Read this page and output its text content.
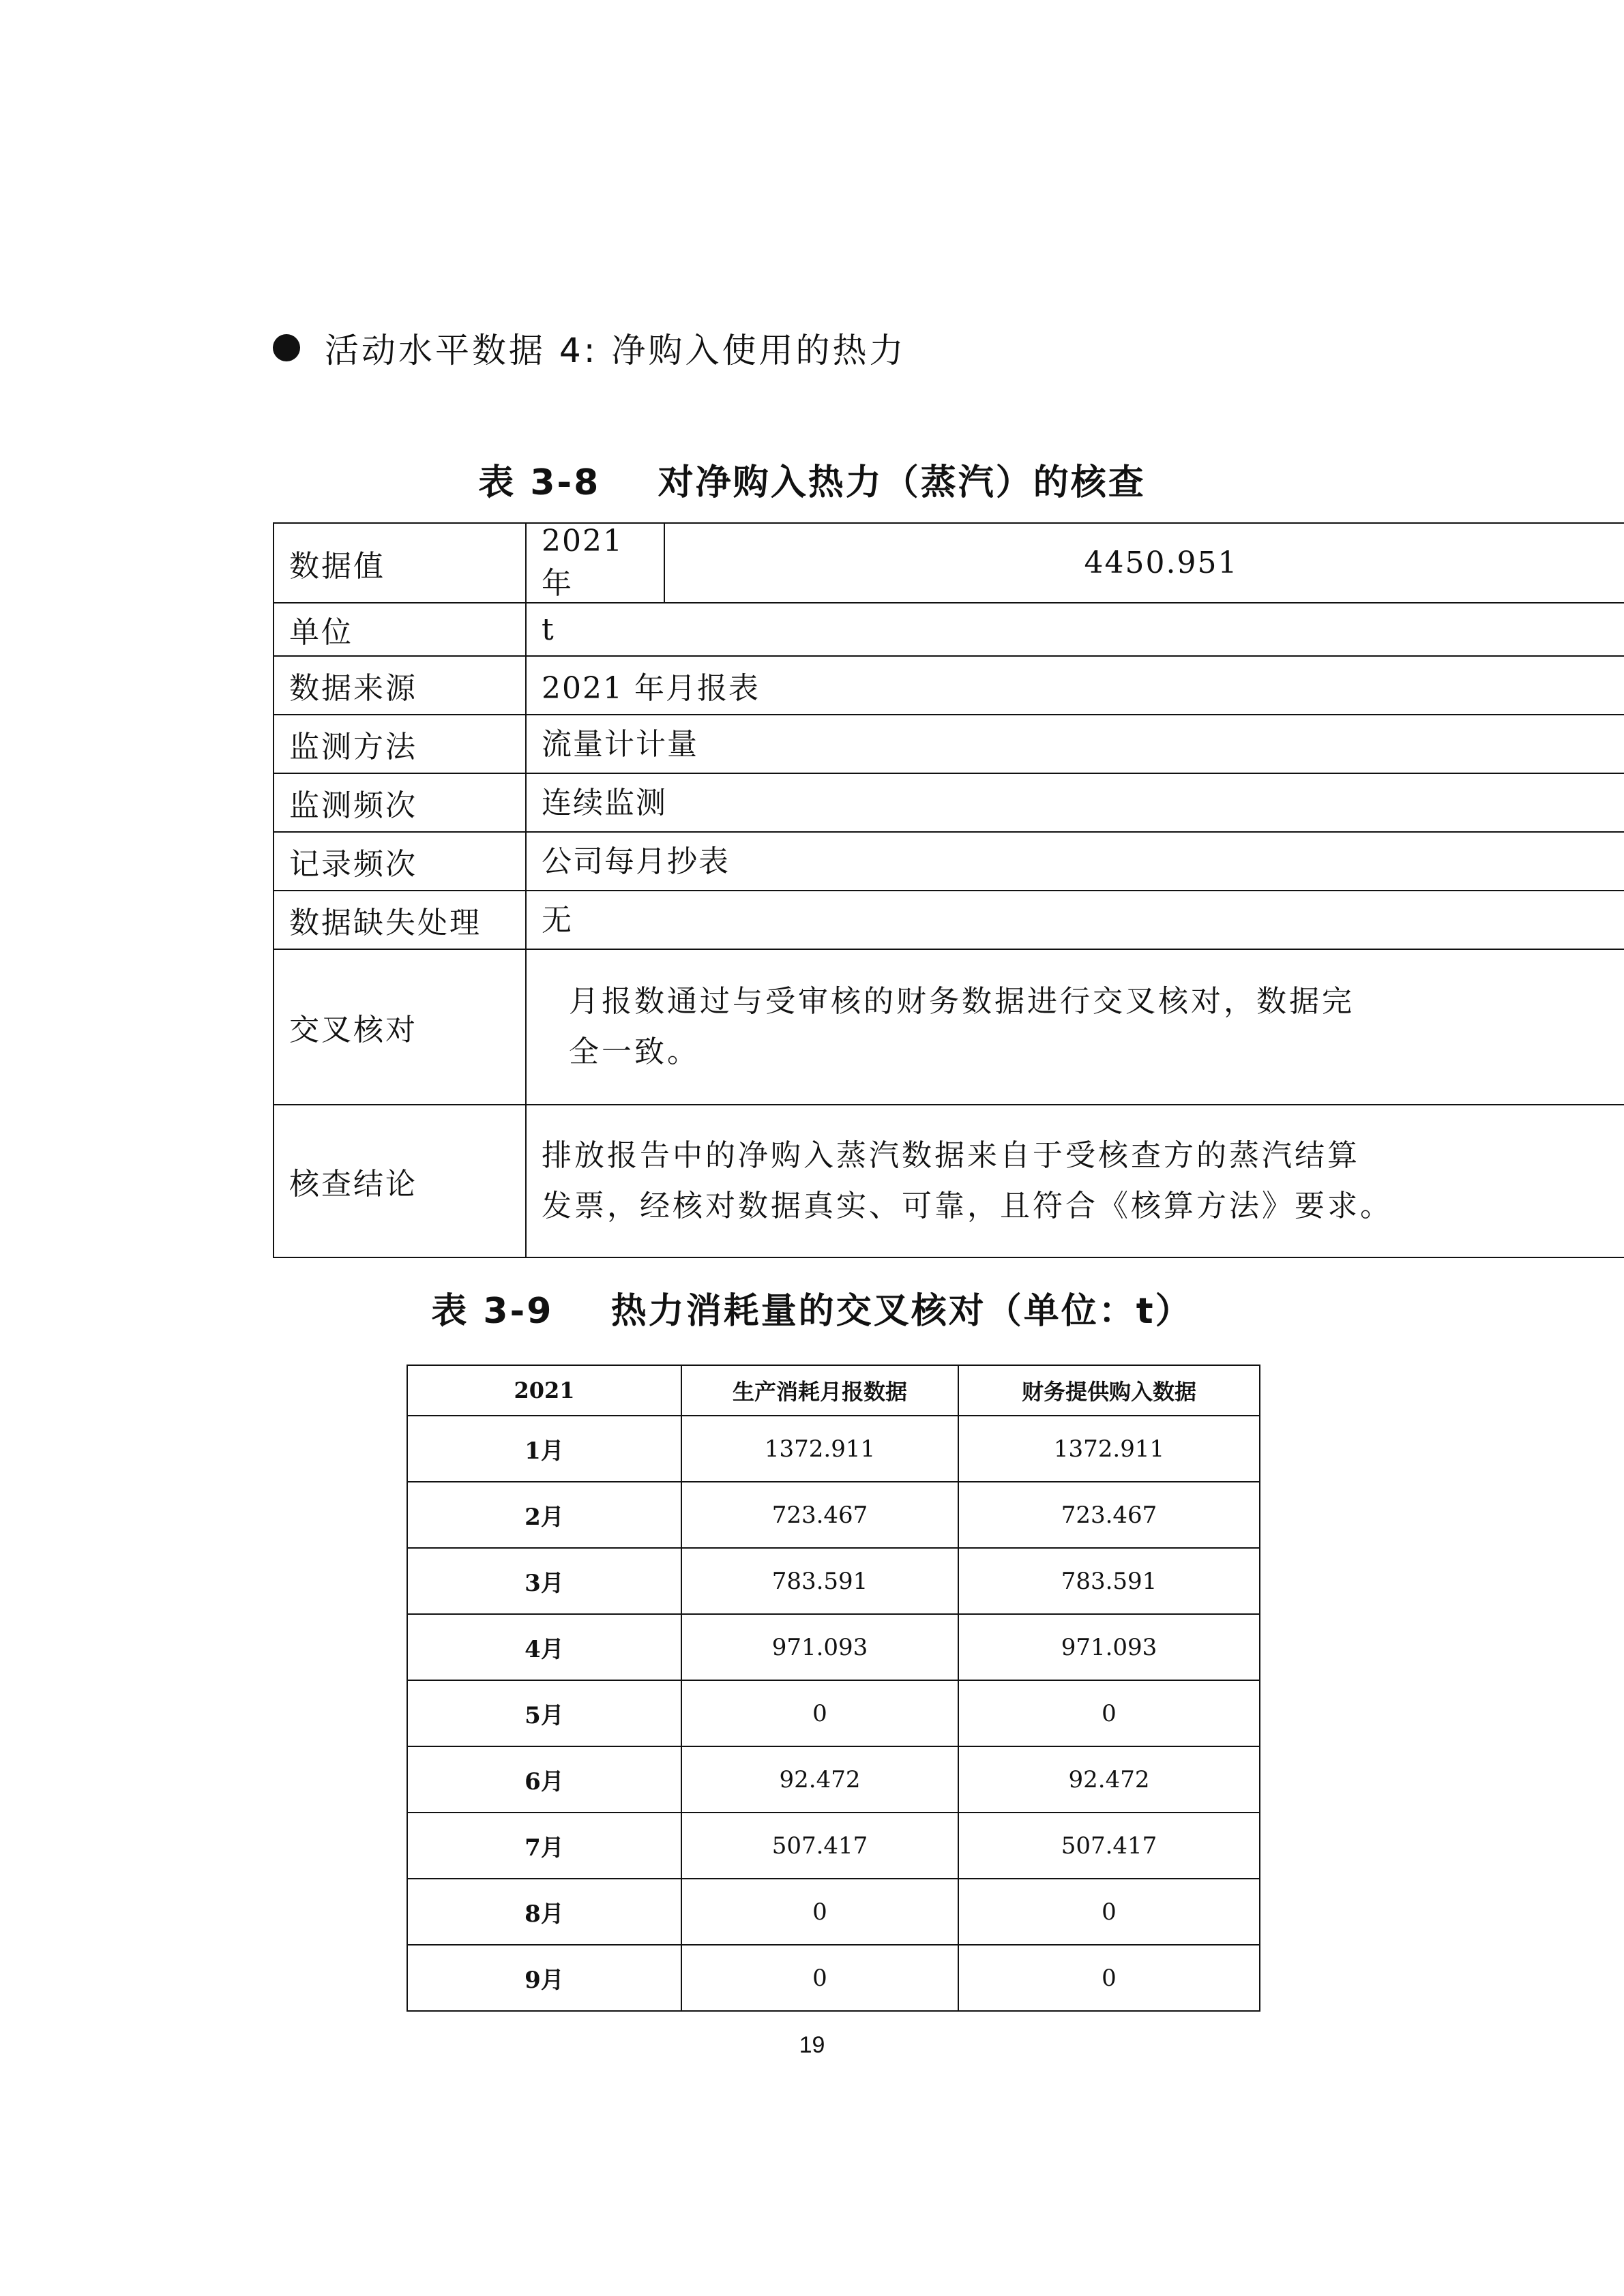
活动水平数据 4: 净购入使用的热力
表 3-8    对净购入热力（蒸汽）的核查
数据值	2021 年	4450.951
单位	t	
数据来源	2021 年月报表	
监测方法	流量计计量	
监测频次	连续监测	
记录频次	公司每月抄表	
数据缺失处理	无	
交叉核对	月报数通过与受审核的财务数据进行交叉核对，数据完
全一致。	

核查结论	排放报告中的净购入蒸汽数据来自于受核查方的蒸汽结算
发票，经核对数据真实、可靠，且符合《核算方法》要求。	
表 3-9    热力消耗量的交叉核对（单位：t）
2021	生产消耗月报数据	财务提供购入数据
1月	1372.911	1372.911
2月	723.467	723.467
3月	783.591	783.591
4月	971.093	971.093
5月	0	0
6月	92.472	92.472
7月	507.417	507.417
8月	0	0
9月	0	0
19
